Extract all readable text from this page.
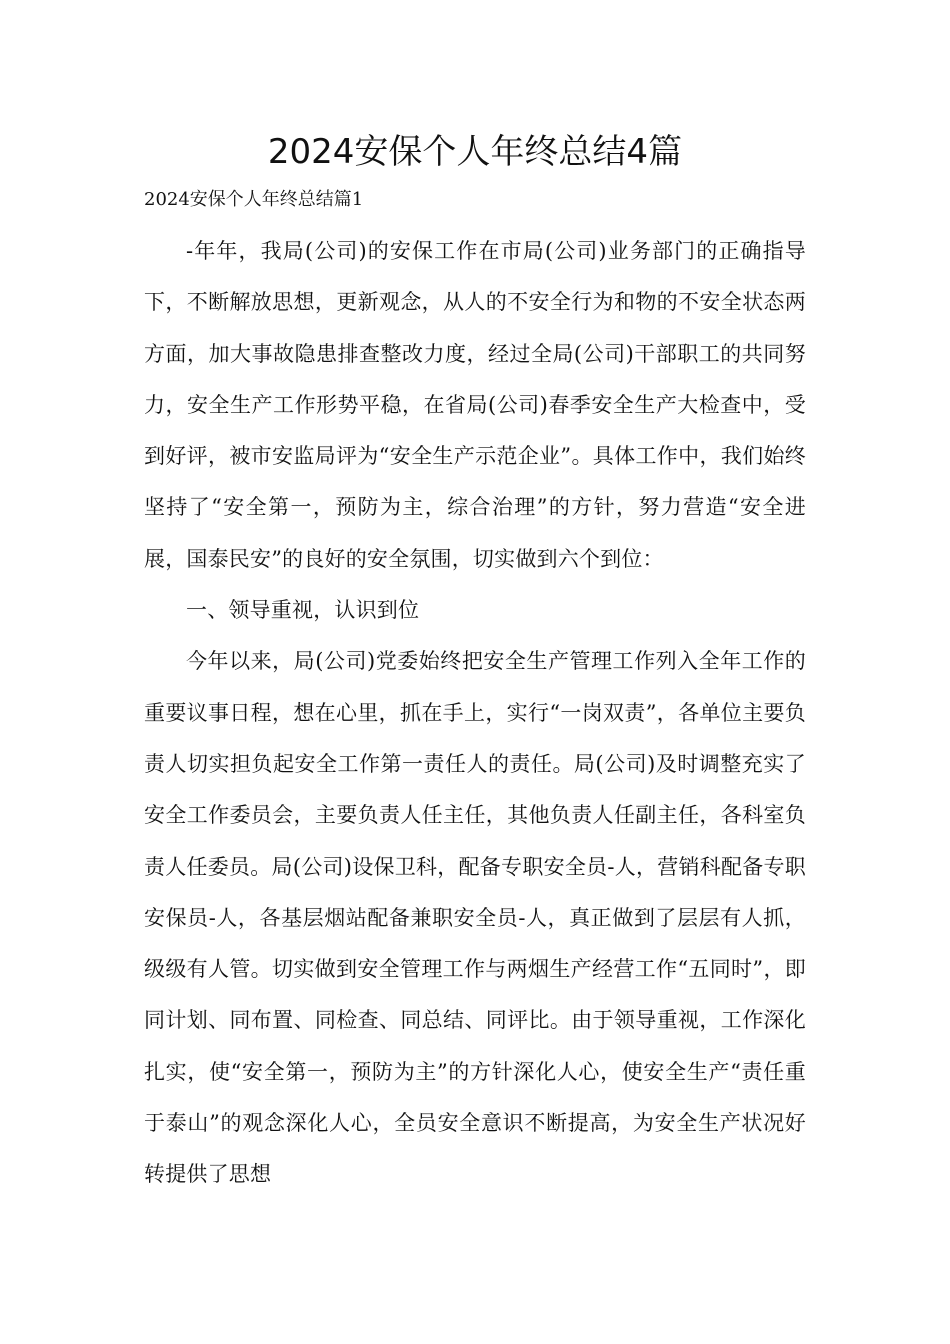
2024安保个人年终总结4篇

2024安保个人年终总结篇1

-年年，我局(公司)的安保工作在市局(公司)业务部门的正确指导下，不断解放思想，更新观念，从人的不安全行为和物的不安全状态两方面，加大事故隐患排查整改力度，经过全局(公司)干部职工的共同努力，安全生产工作形势平稳，在省局(公司)春季安全生产大检查中，受到好评，被市安监局评为“安全生产示范企业”。具体工作中，我们始终坚持了“安全第一，预防为主，综合治理”的方针，努力营造“安全进展，国泰民安”的良好的安全氛围，切实做到六个到位：

一、领导重视，认识到位

今年以来，局(公司)党委始终把安全生产管理工作列入全年工作的重要议事日程，想在心里，抓在手上，实行“一岗双责”，各单位主要负责人切实担负起安全工作第一责任人的责任。局(公司)及时调整充实了安全工作委员会，主要负责人任主任，其他负责人任副主任，各科室负责人任委员。局(公司)设保卫科，配备专职安全员-人，营销科配备专职安保员-人，各基层烟站配备兼职安全员-人，真正做到了层层有人抓，级级有人管。切实做到安全管理工作与两烟生产经营工作“五同时”，即同计划、同布置、同检查、同总结、同评比。由于领导重视，工作深化扎实，使“安全第一，预防为主”的方针深化人心，使安全生产“责任重于泰山”的观念深化人心，全员安全意识不断提高，为安全生产状况好转提供了思想
